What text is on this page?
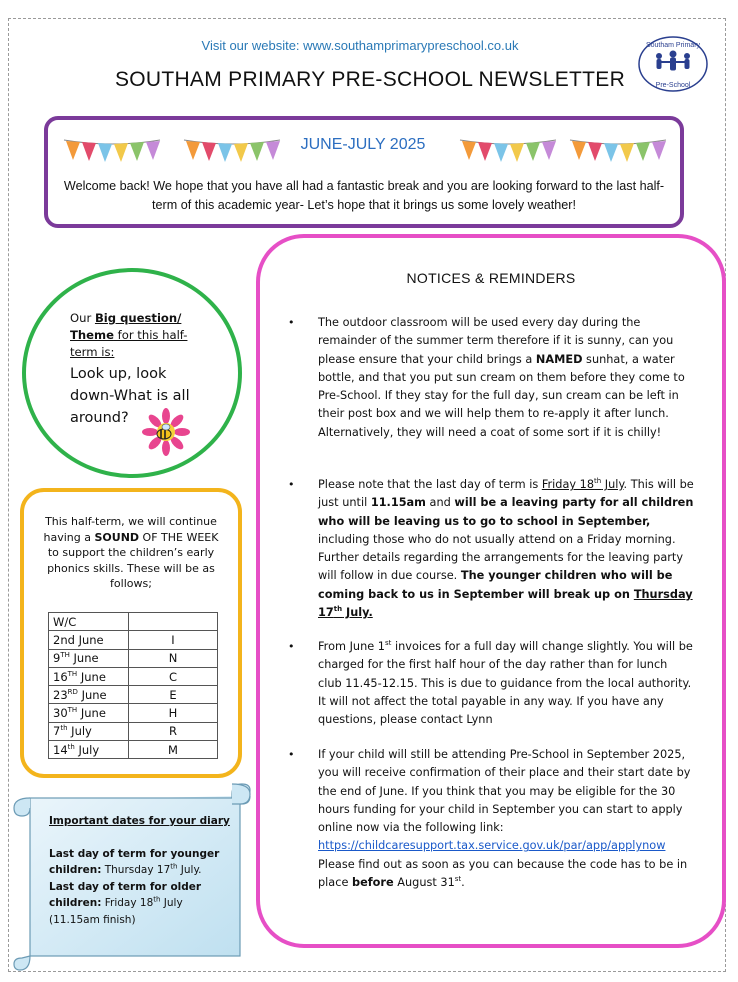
Visit our website: www.southamprimarypreschool.co.uk
SOUTHAM PRIMARY PRE-SCHOOL NEWSLETTER
Southam Primary
Pre-School
JUNE-JULY 2025
Welcome back! We hope that you have all had a fantastic break and you are looking forward to the last half-term of this academic year- Let’s hope that it brings us some lovely weather!
Our Big question/ Theme for this half-term is:
Look up, look down-What is all around?
This half-term, we will continue having a SOUND OF THE WEEK to support the children’s early phonics skills. These will be as follows;
W/C	
2nd June	I
9TH June	N
16TH June	C
23RD June	E
30TH June	H
7th July	R
14th July	M
Important dates for your diary
Last day of term for younger children: Thursday 17th July.
Last day of term for older children: Friday 18th July
(11.15am finish)
NOTICES & REMINDERS
• The outdoor classroom will be used every day during the remainder of the summer term therefore if it is sunny, can you please ensure that your child brings a NAMED sunhat, a water bottle, and that you put sun cream on them before they come to Pre-School. If they stay for the full day, sun cream can be left in their post box and we will help them to re-apply it after lunch. Alternatively, they will need a coat of some sort if it is chilly!
• Please note that the last day of term is Friday 18th July. This will be just until 11.15am and will be a leaving party for all children who will be leaving us to go to school in September, including those who do not usually attend on a Friday morning. Further details regarding the arrangements for the leaving party will follow in due course. The younger children who will be coming back to us in September will break up on Thursday 17th July.
• From June 1st invoices for a full day will change slightly. You will be charged for the first half hour of the day rather than for lunch club 11.45-12.15. This is due to guidance from the local authority. It will not affect the total payable in any way. If you have any questions, please contact Lynn
• If your child will still be attending Pre-School in September 2025, you will receive confirmation of their place and their start date by the end of June. If you think that you may be eligible for the 30 hours funding for your child in September you can start to apply online now via the following link: https://childcaresupport.tax.service.gov.uk/par/app/applynow Please find out as soon as you can because the code has to be in place before August 31st.
